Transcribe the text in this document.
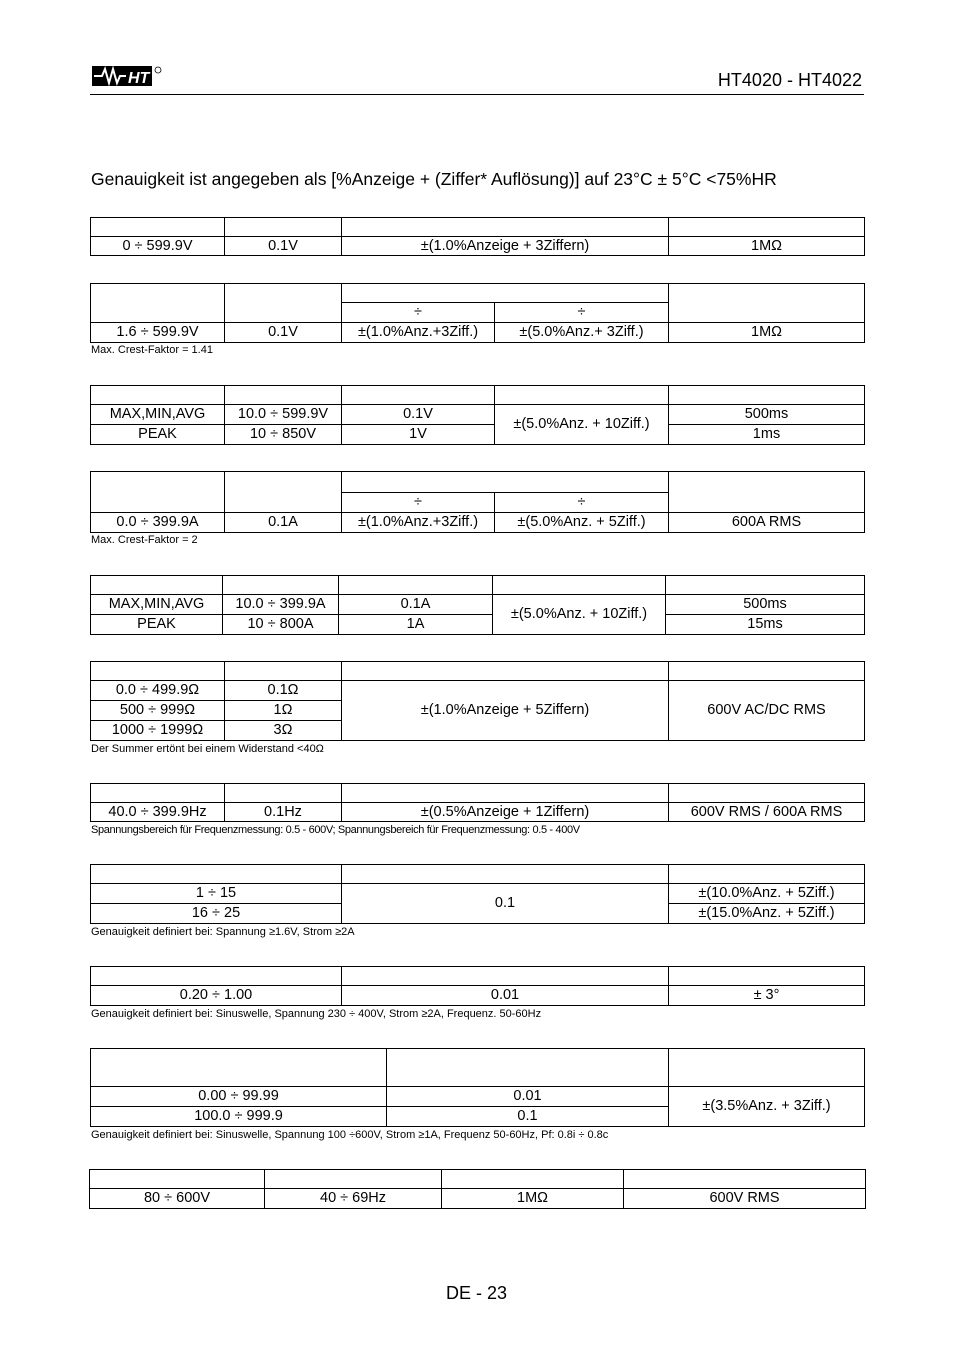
HT	HT4020 - HT4022
Genauigkeit ist angegeben als [%Anzeige + (Ziffer* Auflösung)] auf 23°C ± 5°C <75%HR

0 ÷ 599.9V	0.1V	±(1.0%Anzeige + 3Ziffern)	1MΩ

		÷	÷	
1.6 ÷ 599.9V	0.1V	±(1.0%Anz.+3Ziff.)	±(5.0%Anz.+ 3Ziff.)	1MΩ
Max. Crest-Faktor = 1.41

MAX,MIN,AVG	10.0 ÷ 599.9V	0.1V	±(5.0%Anz. + 10Ziff.)	500ms
PEAK	10 ÷ 850V	1V		1ms

		÷	÷	
0.0 ÷ 399.9A	0.1A	±(1.0%Anz.+3Ziff.)	±(5.0%Anz. + 5Ziff.)	600A RMS
Max. Crest-Faktor = 2

MAX,MIN,AVG	10.0 ÷ 399.9A	0.1A	±(5.0%Anz. + 10Ziff.)	500ms
PEAK	10 ÷ 800A	1A		15ms

0.0 ÷ 499.9Ω	0.1Ω	±(1.0%Anzeige + 5Ziffern)	600V AC/DC RMS
500 ÷ 999Ω	1Ω		
1000 ÷ 1999Ω	3Ω		
Der Summer ertönt bei einem Widerstand <40Ω

40.0 ÷ 399.9Hz	0.1Hz	±(0.5%Anzeige + 1Ziffern)	600V RMS / 600A RMS
Spannungsbereich für Frequenzmessung: 0.5 - 600V; Spannungsbereich für Frequenzmessung: 0.5 - 400V

1 ÷ 15	0.1	±(10.0%Anz. + 5Ziff.)
16 ÷ 25		±(15.0%Anz. + 5Ziff.)
Genauigkeit definiert bei: Spannung ≥1.6V, Strom ≥2A

0.20 ÷ 1.00	0.01	± 3°
Genauigkeit definiert bei: Sinuswelle, Spannung 230 ÷ 400V, Strom ≥2A, Frequenz. 50-60Hz

0.00 ÷ 99.99	0.01	±(3.5%Anz. + 3Ziff.)
100.0 ÷ 999.9	0.1	
Genauigkeit definiert bei: Sinuswelle, Spannung 100 ÷600V, Strom ≥1A, Frequenz 50-60Hz, Pf: 0.8i ÷ 0.8c

80 ÷ 600V	40 ÷ 69Hz	1MΩ	600V RMS
DE - 23
